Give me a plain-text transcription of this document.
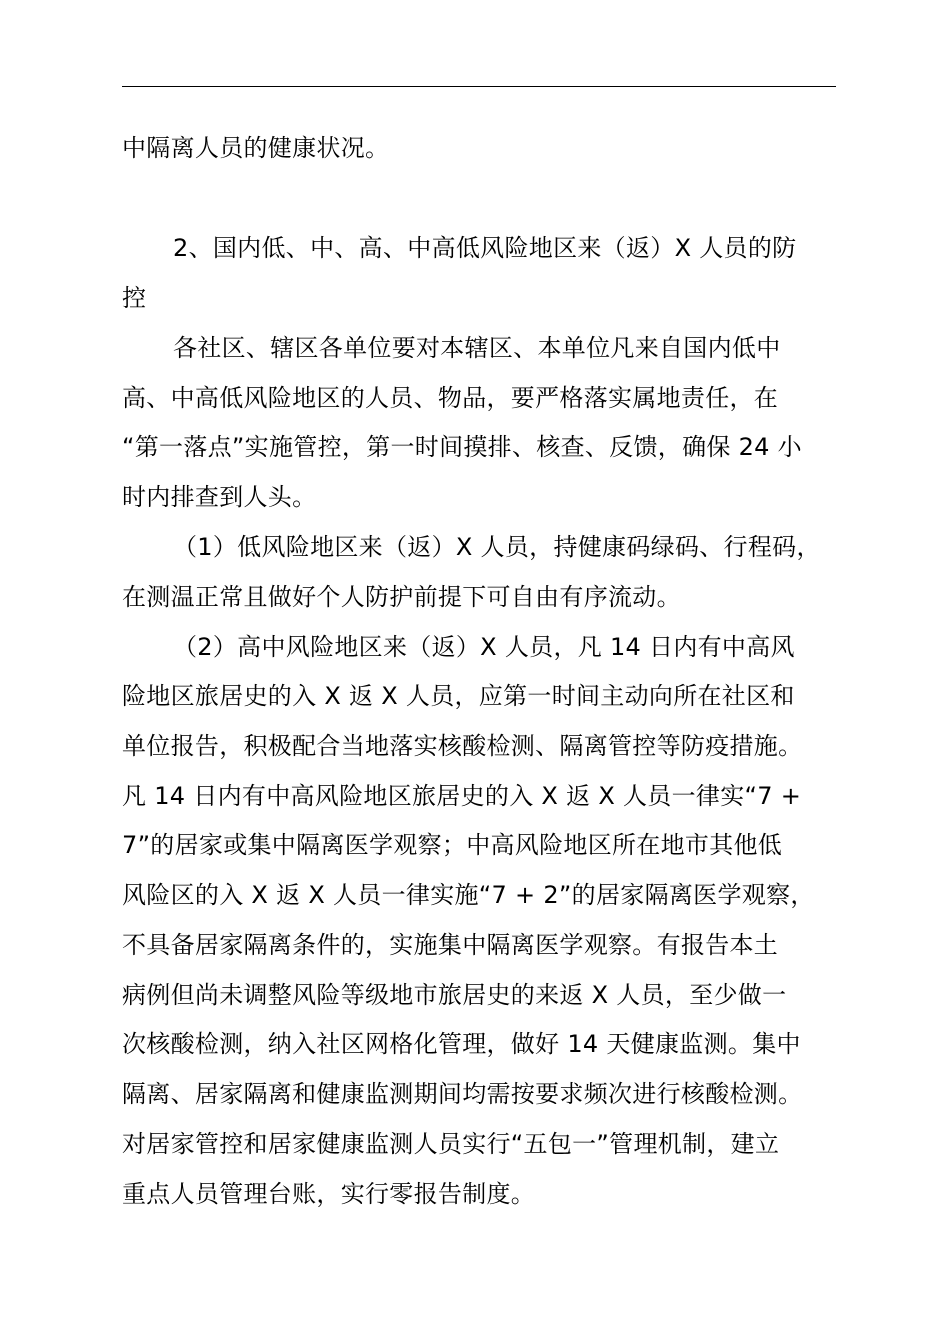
中隔离人员的健康状况。
2、国内低、中、高、中高低风险地区来（返）X 人员的防
控
各社区、辖区各单位要对本辖区、本单位凡来自国内低中
高、中高低风险地区的人员、物品，要严格落实属地责任，在
“第一落点”实施管控，第一时间摸排、核查、反馈，确保 24 小
时内排查到人头。
（1）低风险地区来（返）X 人员，持健康码绿码、行程码，
在测温正常且做好个人防护前提下可自由有序流动。
（2）高中风险地区来（返）X 人员，凡 14 日内有中高风
险地区旅居史的入 X 返 X 人员，应第一时间主动向所在社区和
单位报告，积极配合当地落实核酸检测、隔离管控等防疫措施。
凡 14 日内有中高风险地区旅居史的入 X 返 X 人员一律实“7 +
7”的居家或集中隔离医学观察；中高风险地区所在地市其他低
风险区的入 X 返 X 人员一律实施“7 + 2”的居家隔离医学观察，
不具备居家隔离条件的，实施集中隔离医学观察。有报告本土
病例但尚未调整风险等级地市旅居史的来返 X 人员，至少做一
次核酸检测，纳入社区网格化管理，做好 14 天健康监测。集中
隔离、居家隔离和健康监测期间均需按要求频次进行核酸检测。
对居家管控和居家健康监测人员实行“五包一”管理机制，建立
重点人员管理台账，实行零报告制度。
